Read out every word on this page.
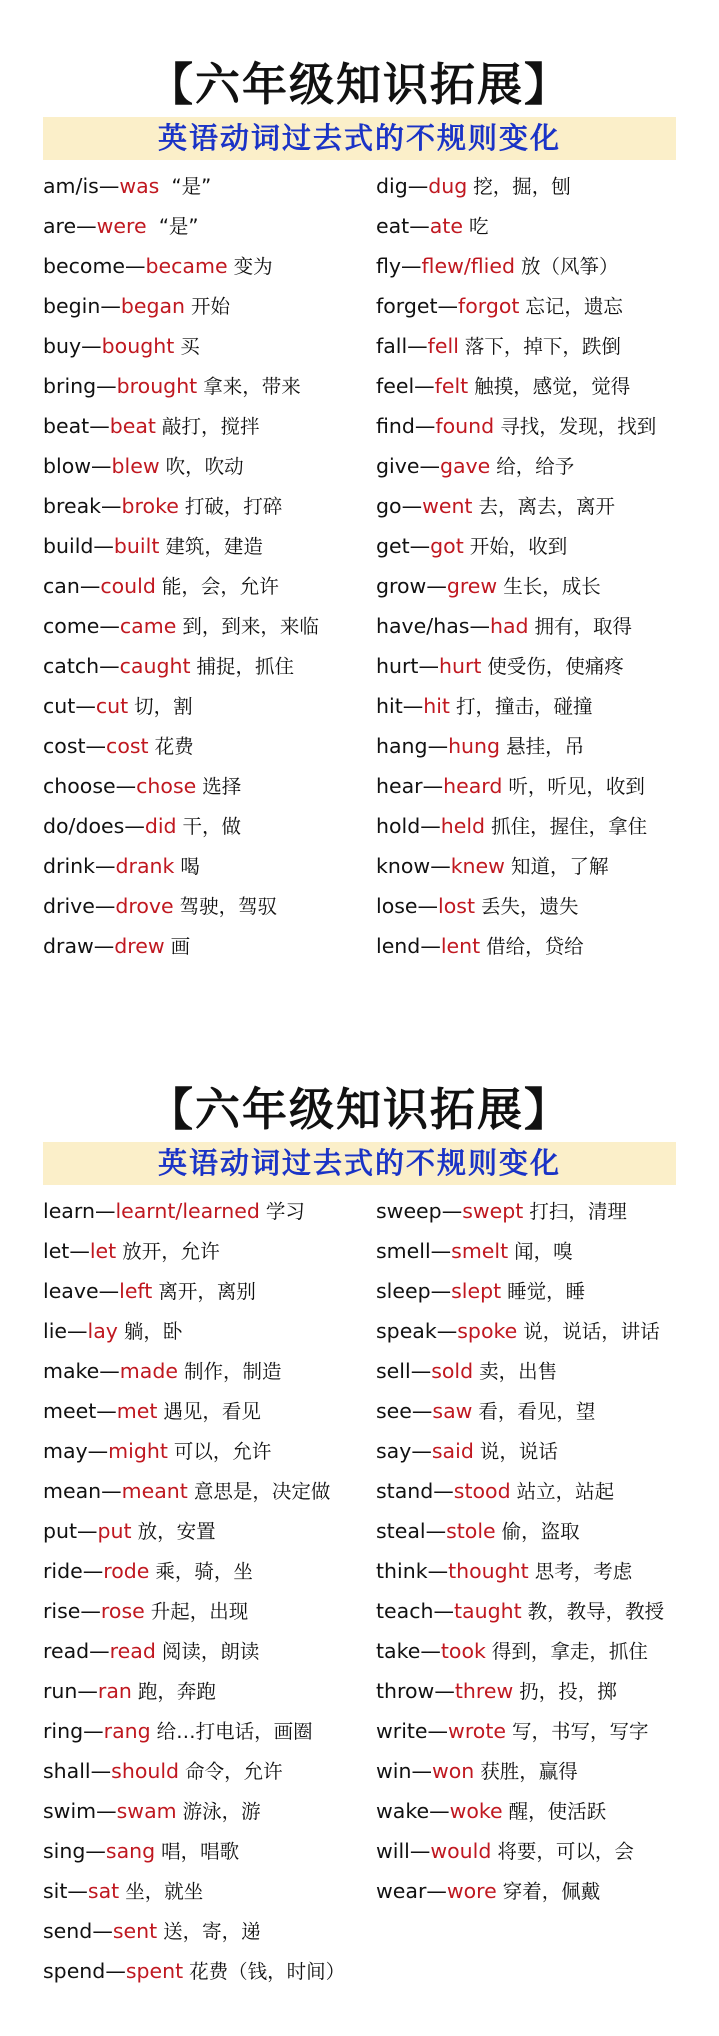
【六年级知识拓展】
英语动词过去式的不规则变化
am/is—was “是”
are—were “是”
become—became 变为
begin—began 开始
buy—bought 买
bring—brought 拿来，带来
beat—beat 敲打，搅拌
blow—blew 吹，吹动
break—broke 打破，打碎
build—built 建筑，建造
can—could 能，会，允许
come—came 到，到来，来临
catch—caught 捕捉，抓住
cut—cut 切，割
cost—cost 花费
choose—chose 选择
do/does—did 干，做
drink—drank 喝
drive—drove 驾驶，驾驭
draw—drew 画
dig—dug 挖，掘，刨
eat—ate 吃
fly—flew/flied 放（风筝）
forget—forgot 忘记，遗忘
fall—fell 落下，掉下，跌倒
feel—felt 触摸，感觉，觉得
find—found 寻找，发现，找到
give—gave 给，给予
go—went 去，离去，离开
get—got 开始，收到
grow—grew 生长，成长
have/has—had 拥有，取得
hurt—hurt 使受伤，使痛疼
hit—hit 打，撞击，碰撞
hang—hung 悬挂，吊
hear—heard 听，听见，收到
hold—held 抓住，握住，拿住
know—knew 知道，了解
lose—lost 丢失，遗失
lend—lent 借给，贷给
【六年级知识拓展】
英语动词过去式的不规则变化
learn—learnt/learned 学习
let—let 放开，允许
leave—left 离开，离别
lie—lay 躺，卧
make—made 制作，制造
meet—met 遇见，看见
may—might 可以，允许
mean—meant 意思是，决定做
put—put 放，安置
ride—rode 乘，骑，坐
rise—rose 升起，出现
read—read 阅读，朗读
run—ran 跑，奔跑
ring—rang 给…打电话，画圈
shall—should 命令，允许
swim—swam 游泳，游
sing—sang 唱，唱歌
sit—sat 坐，就坐
send—sent 送，寄，递
spend—spent 花费（钱，时间）
sweep—swept 打扫，清理
smell—smelt 闻，嗅
sleep—slept 睡觉，睡
speak—spoke 说，说话，讲话
sell—sold 卖，出售
see—saw 看，看见，望
say—said 说，说话
stand—stood 站立，站起
steal—stole 偷，盗取
think—thought 思考，考虑
teach—taught 教，教导，教授
take—took 得到，拿走，抓住
throw—threw 扔，投，掷
write—wrote 写，书写，写字
win—won 获胜，赢得
wake—woke 醒，使活跃
will—would 将要，可以，会
wear—wore 穿着，佩戴
